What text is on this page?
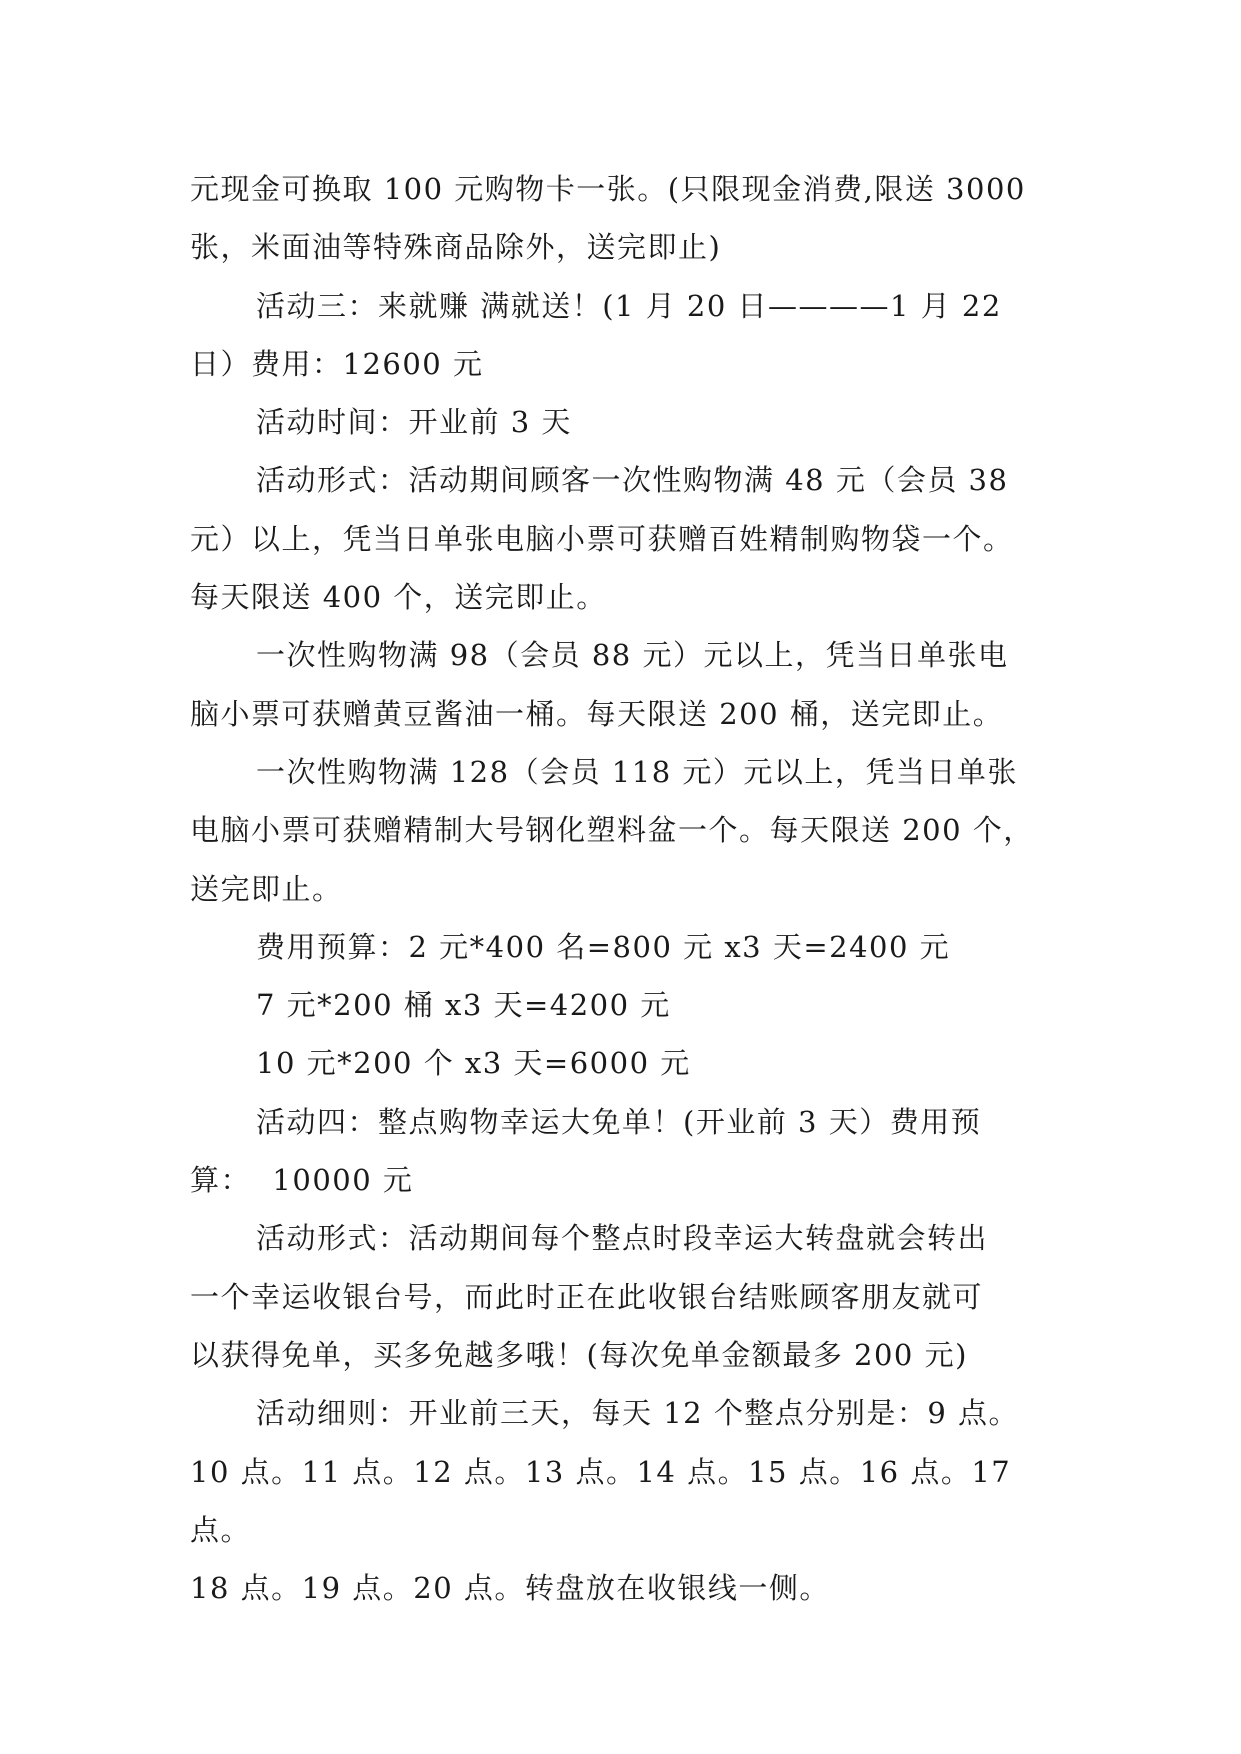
元现金可换取 100 元购物卡一张。(只限现金消费,限送 3000

张，米面油等特殊商品除外，送完即止)

活动三：来就赚 满就送！(1 月 20 日————1 月 22

日）费用：12600 元

活动时间：开业前 3 天

活动形式：活动期间顾客一次性购物满 48 元（会员 38

元）以上，凭当日单张电脑小票可获赠百姓精制购物袋一个。

每天限送 400 个，送完即止。

一次性购物满 98（会员 88 元）元以上，凭当日单张电

脑小票可获赠黄豆酱油一桶。每天限送 200 桶，送完即止。

一次性购物满 128（会员 118 元）元以上，凭当日单张

电脑小票可获赠精制大号钢化塑料盆一个。每天限送 200 个，

送完即止。

费用预算：2 元*400 名=800 元 x3 天=2400 元

7 元*200 桶 x3 天=4200 元

10 元*200 个 x3 天=6000 元

活动四：整点购物幸运大免单！(开业前 3 天）费用预

算：  10000 元

活动形式：活动期间每个整点时段幸运大转盘就会转出

一个幸运收银台号，而此时正在此收银台结账顾客朋友就可

以获得免单，买多免越多哦！(每次免单金额最多 200 元)

活动细则：开业前三天，每天 12 个整点分别是：9 点。

10 点。11 点。12 点。13 点。14 点。15 点。16 点。17 点。

18 点。19 点。20 点。转盘放在收银线一侧。
